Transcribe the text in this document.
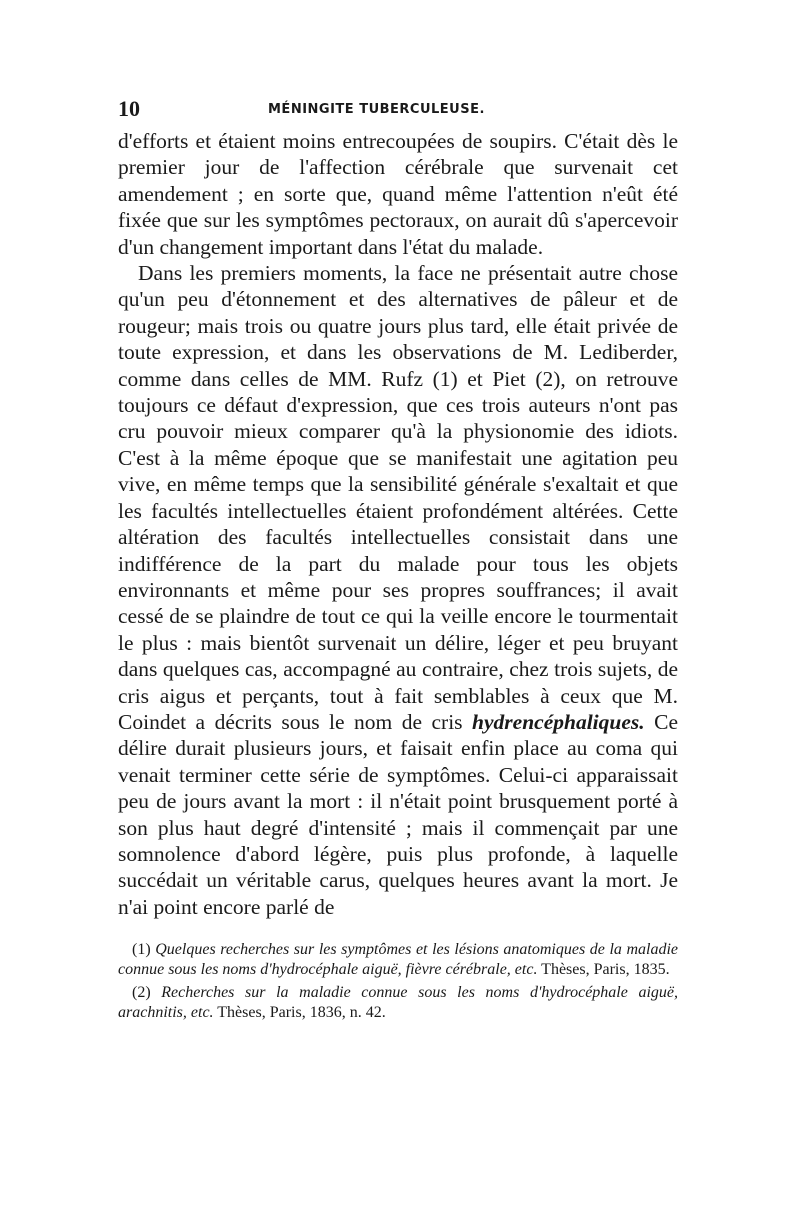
10	MÉNINGITE TUBERCULEUSE.

d'efforts et étaient moins entrecoupées de soupirs. C'était dès le premier jour de l'affection cérébrale que survenait cet amendement ; en sorte que, quand même l'attention n'eût été fixée que sur les symptômes pectoraux, on aurait dû s'apercevoir d'un changement important dans l'état du malade.

Dans les premiers moments, la face ne présentait autre chose qu'un peu d'étonnement et des alternatives de pâleur et de rougeur; mais trois ou quatre jours plus tard, elle était privée de toute expression, et dans les observations de M. Lediberder, comme dans celles de MM. Rufz (1) et Piet (2), on retrouve toujours ce défaut d'expression, que ces trois auteurs n'ont pas cru pouvoir mieux comparer qu'à la physionomie des idiots. C'est à la même époque que se manifestait une agitation peu vive, en même temps que la sensibilité générale s'exaltait et que les facultés intellectuelles étaient profondément altérées. Cette altération des facultés intellectuelles consistait dans une indifférence de la part du malade pour tous les objets environnants et même pour ses propres souffrances; il avait cessé de se plaindre de tout ce qui la veille encore le tourmentait le plus : mais bientôt survenait un délire, léger et peu bruyant dans quelques cas, accompagné au contraire, chez trois sujets, de cris aigus et perçants, tout à fait semblables à ceux que M. Coindet a décrits sous le nom de cris hydrencéphaliques. Ce délire durait plusieurs jours, et faisait enfin place au coma qui venait terminer cette série de symptômes. Celui-ci apparaissait peu de jours avant la mort : il n'était point brusquement porté à son plus haut degré d'intensité ; mais il commençait par une somnolence d'abord légère, puis plus profonde, à laquelle succédait un véritable carus, quelques heures avant la mort. Je n'ai point encore parlé de

(1) Quelques recherches sur les symptômes et les lésions anatomiques de la maladie connue sous les noms d'hydrocéphale aiguë, fièvre cérébrale, etc. Thèses, Paris, 1835.

(2) Recherches sur la maladie connue sous les noms d'hydrocéphale aiguë, arachnitis, etc. Thèses, Paris, 1836, n. 42.
